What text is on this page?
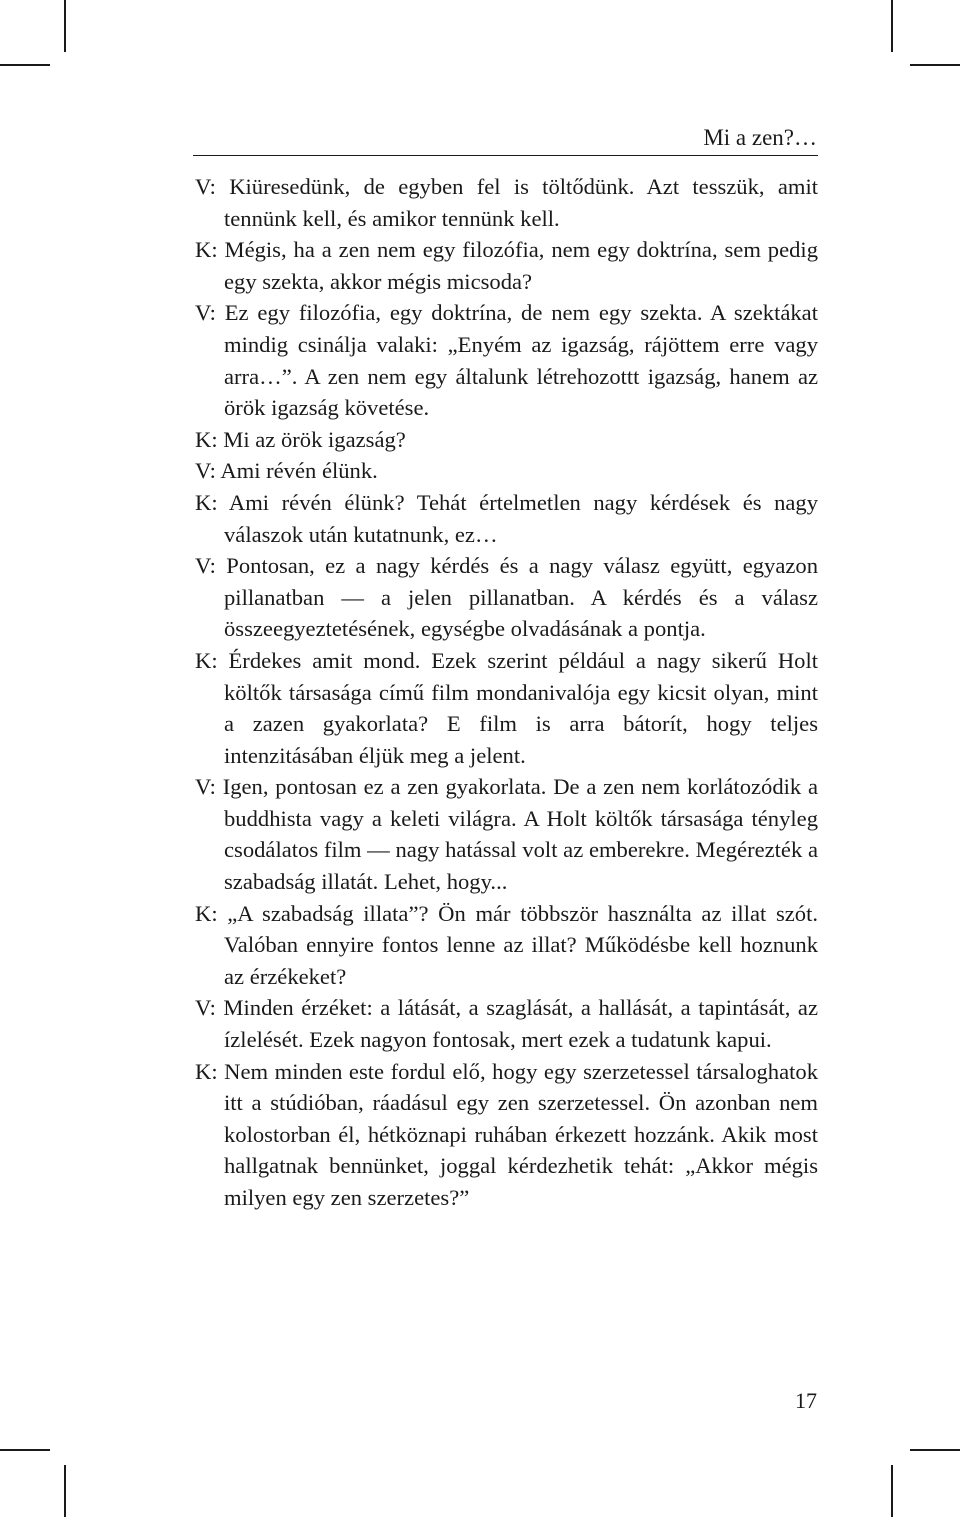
Mi a zen?…

V: Kiüresedünk, de egyben fel is töltődünk. Azt tesszük, amit tennünk kell, és amikor tennünk kell.

K: Mégis, ha a zen nem egy filozófia, nem egy doktrína, sem pedig egy szekta, akkor mégis micsoda?

V: Ez egy filozófia, egy doktrína, de nem egy szekta. A szektákat mindig csinálja valaki: „Enyém az igazság, rájöttem erre vagy arra…”. A zen nem egy általunk létrehozottt igazság, hanem az örök igazság követése.

K: Mi az örök igazság?

V: Ami révén élünk.

K: Ami révén élünk? Tehát értelmetlen nagy kérdések és nagy válaszok után kutatnunk, ez…

V: Pontosan, ez a nagy kérdés és a nagy válasz együtt, egyazon pillanatban — a jelen pillanatban. A kérdés és a válasz összeegyeztetésének, egységbe olvadásának a pontja.

K: Érdekes amit mond. Ezek szerint például a nagy sikerű Holt költők társasága című film mondanivalója egy kicsit olyan, mint a zazen gyakorlata? E film is arra bátorít, hogy teljes intenzitásában éljük meg a jelent.

V: Igen, pontosan ez a zen gyakorlata. De a zen nem korlátozódik a buddhista vagy a keleti világra. A Holt költők társasága tényleg csodálatos film — nagy hatással volt az emberekre. Megérezték a szabadság illatát. Lehet, hogy...

K: „A szabadság illata”? Ön már többször használta az illat szót. Valóban ennyire fontos lenne az illat? Működésbe kell hoznunk az érzékeket?

V: Minden érzéket: a látását, a szaglását, a hallását, a tapintását, az ízlelését. Ezek nagyon fontosak, mert ezek a tudatunk kapui.

K: Nem minden este fordul elő, hogy egy szerzetessel társaloghatok itt a stúdióban, ráadásul egy zen szerzetessel. Ön azonban nem kolostorban él, hétköznapi ruhában érkezett hozzánk. Akik most hallgatnak bennünket, joggal kérdezhetik tehát: „Akkor mégis milyen egy zen szerzetes?”

17
